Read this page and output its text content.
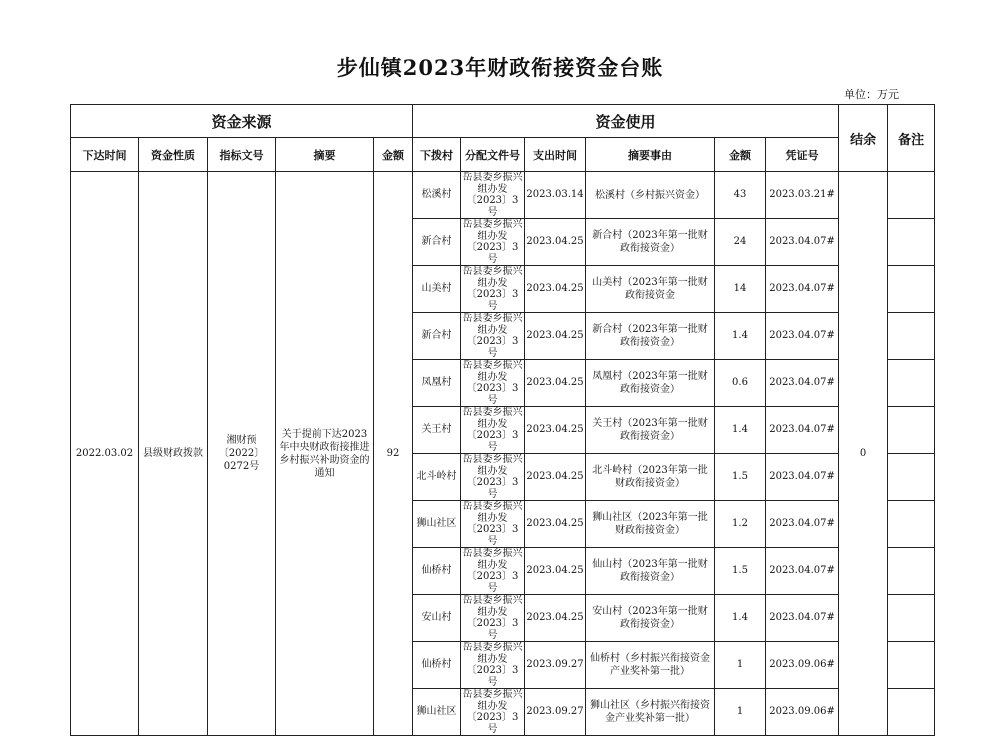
步仙镇2023年财政衔接资金台账
单位：万元
资金来源					资金使用						结余	备注
下达时间	资金性质	指标文号	摘要	金额	下拨村	分配文件号	支出时间	摘要事由	金额	凭证号		
2022.03.02	县级财政拨款	湘财预〔2022〕0272号	关于提前下达2023年中央财政衔接推进乡村振兴补助资金的通知	92	松溪村	岳县委乡振兴组办发〔2023〕3号	2023.03.14	松溪村（乡村振兴资金）	43	2023.03.21#	0	
					新合村	岳县委乡振兴组办发〔2023〕3号	2023.04.25	新合村（2023年第一批财政衔接资金）	24	2023.04.07#		
					山美村	岳县委乡振兴组办发〔2023〕3号	2023.04.25	山美村（2023年第一批财政衔接资金	14	2023.04.07#		
					新合村	岳县委乡振兴组办发〔2023〕3号	2023.04.25	新合村（2023年第一批财政衔接资金）	1.4	2023.04.07#		
					凤凰村	岳县委乡振兴组办发〔2023〕3号	2023.04.25	凤凰村（2023年第一批财政衔接资金）	0.6	2023.04.07#		
					关王村	岳县委乡振兴组办发〔2023〕3号	2023.04.25	关王村（2023年第一批财政衔接资金）	1.4	2023.04.07#		
					北斗岭村	岳县委乡振兴组办发〔2023〕3号	2023.04.25	北斗岭村（2023年第一批财政衔接资金）	1.5	2023.04.07#		
					狮山社区	岳县委乡振兴组办发〔2023〕3号	2023.04.25	狮山社区（2023年第一批财政衔接资金）	1.2	2023.04.07#		
					仙桥村	岳县委乡振兴组办发〔2023〕3号	2023.04.25	仙山村（2023年第一批财政衔接资金）	1.5	2023.04.07#		
					安山村	岳县委乡振兴组办发〔2023〕3号	2023.04.25	安山村（2023年第一批财政衔接资金）	1.4	2023.04.07#		
					仙桥村	岳县委乡振兴组办发〔2023〕3号	2023.09.27	仙桥村（乡村振兴衔接资金产业奖补第一批）	1	2023.09.06#		
					狮山社区	岳县委乡振兴组办发〔2023〕3号	2023.09.27	狮山社区（乡村振兴衔接资金产业奖补第一批）	1	2023.09.06#		
